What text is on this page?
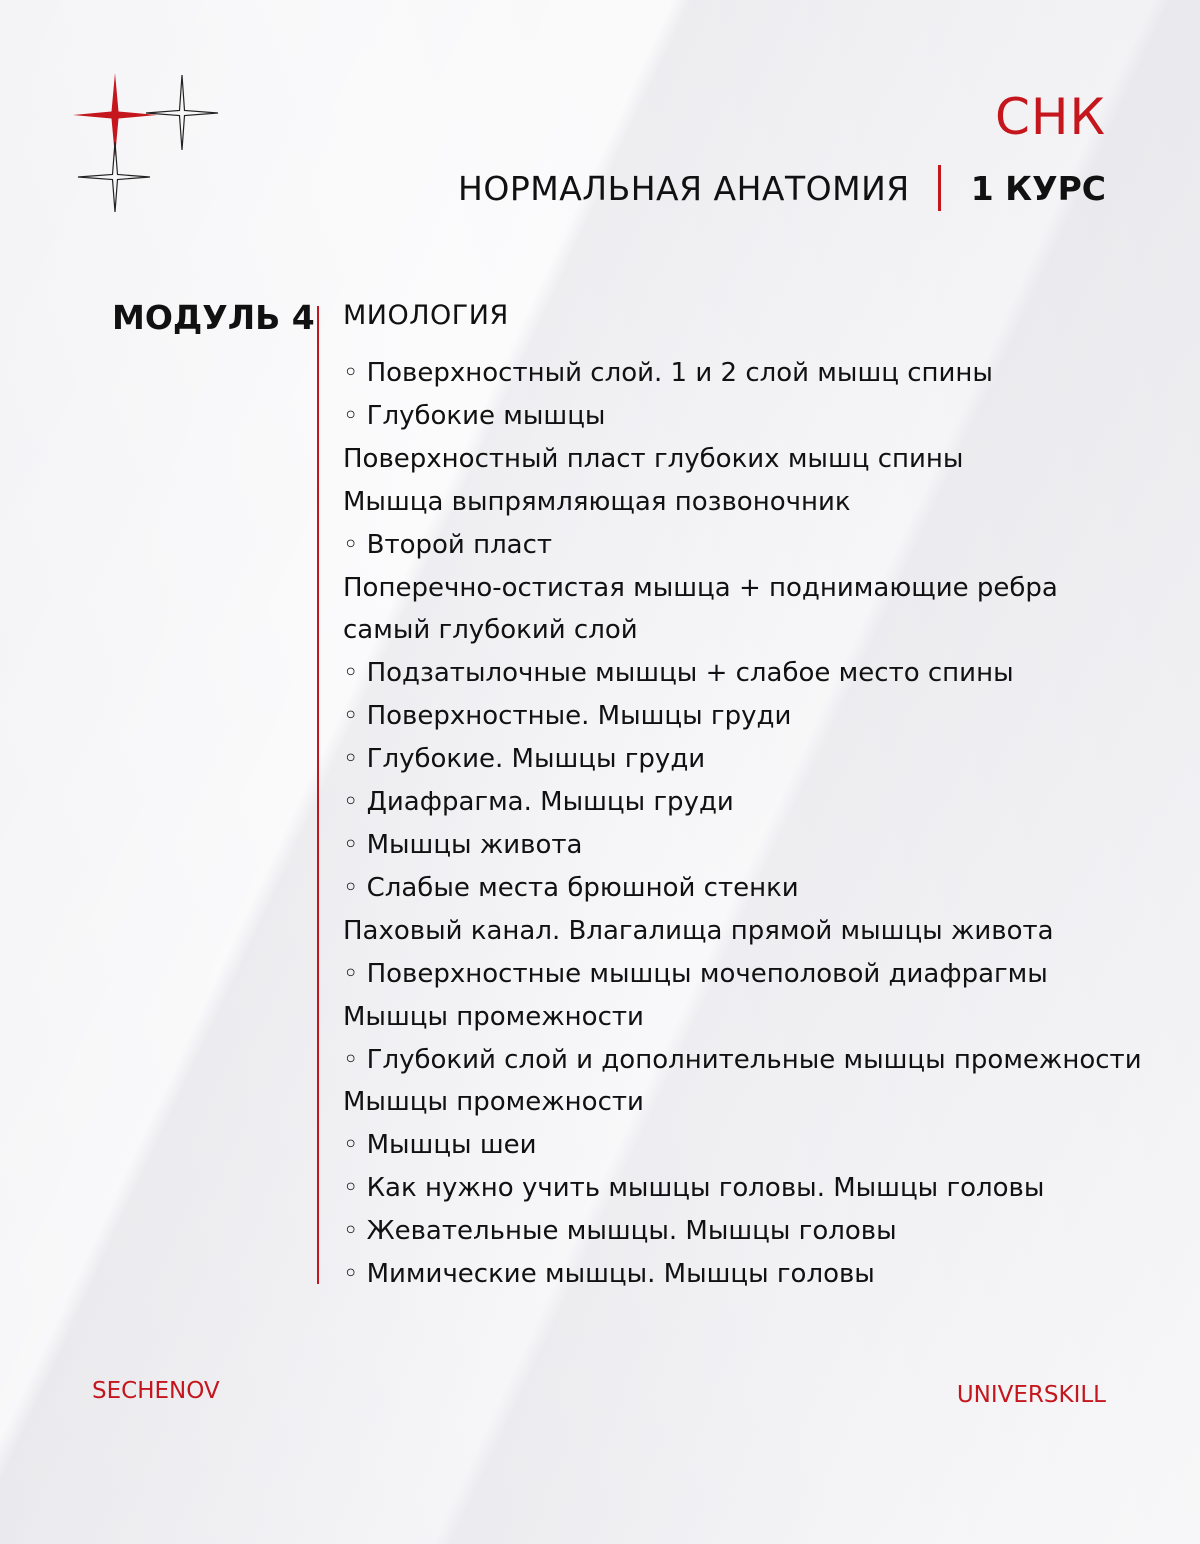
СНК
НОРМАЛЬНАЯ АНАТОМИЯ 1 КУРС
МОДУЛЬ 4 МИОЛОГИЯ
◦ Поверхностный слой. 1 и 2 слой мышц спины
◦ Глубокие мышцы
Поверхностный пласт глубоких мышц спины
Мышца выпрямляющая позвоночник
◦ Второй пласт
Поперечно-остистая мышца + поднимающие ребра
самый глубокий слой
◦ Подзатылочные мышцы + слабое место спины
◦ Поверхностные. Мышцы груди
◦ Глубокие. Мышцы груди
◦ Диафрагма. Мышцы груди
◦ Мышцы живота
◦ Слабые места брюшной стенки
Паховый канал. Влагалища прямой мышцы живота
◦ Поверхностные мышцы мочеполовой диафрагмы
Мышцы промежности
◦ Глубокий слой и дополнительные мышцы промежности
Мышцы промежности
◦ Мышцы шеи
◦ Как нужно учить мышцы головы. Мышцы головы
◦ Жевательные мышцы. Мышцы головы
◦ Мимические мышцы. Мышцы головы
SECHENOV	UNIVERSKILL
